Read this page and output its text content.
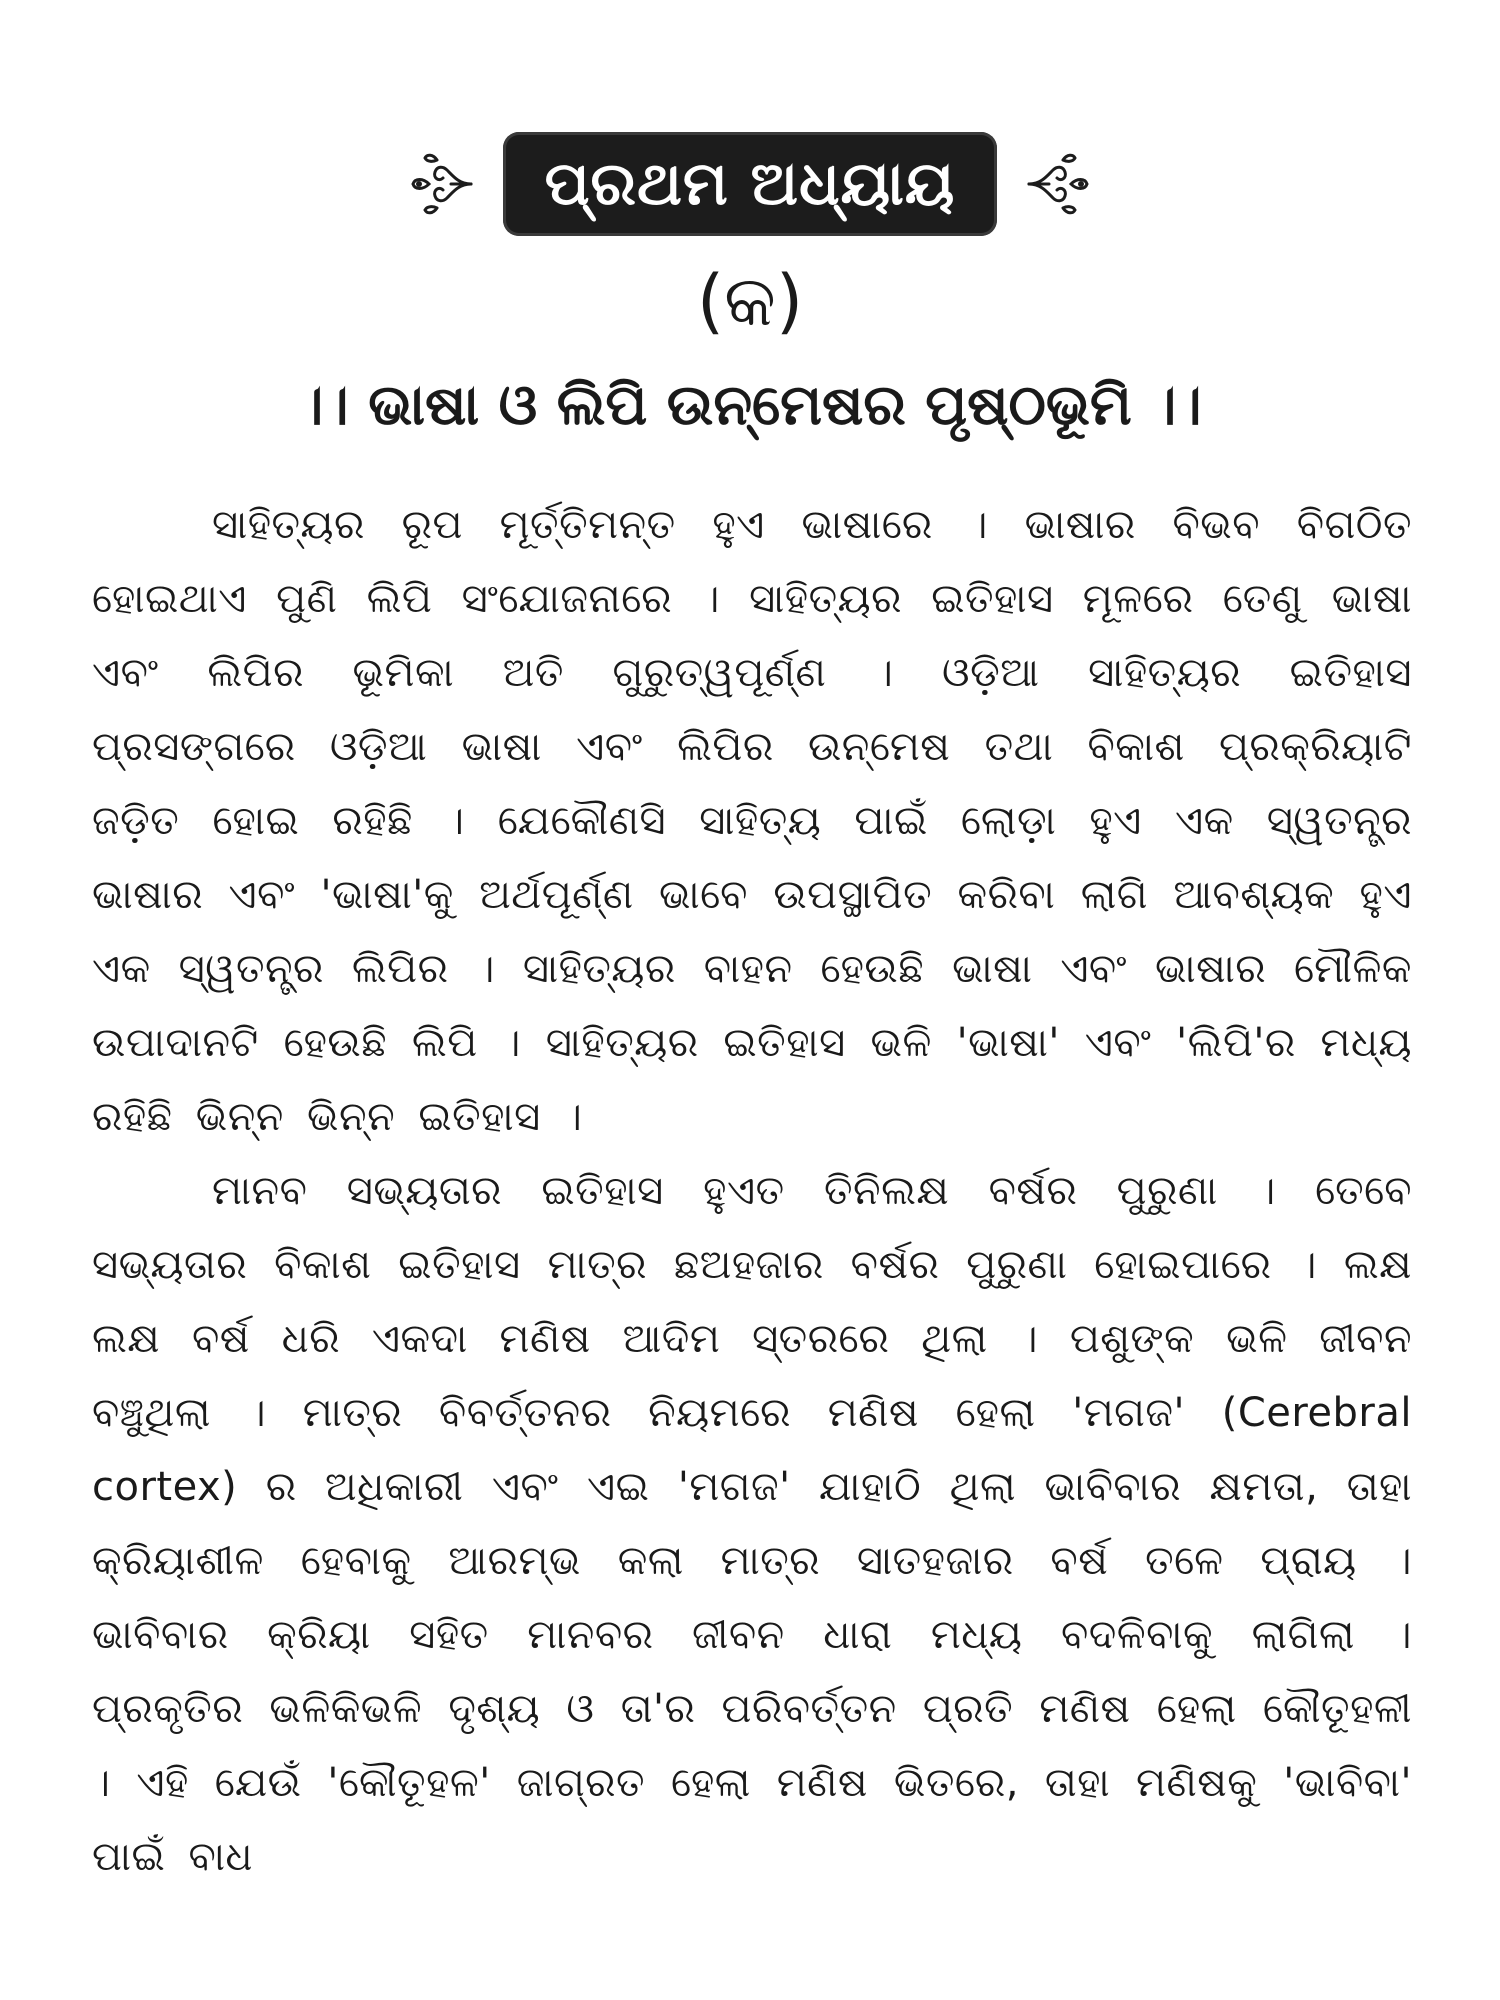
ପ୍ରଥମ ଅଧ୍ୟାୟ
(କ)
।। ଭାଷା ଓ ଲିପି ଉନ୍ମେଷର ପୃଷ୍ଠଭୂମି ।।

ସାହିତ୍ୟର ରୂପ ମୂର୍ତ୍ତିମନ୍ତ ହୁଏ ଭାଷାରେ । ଭାଷାର ବିଭବ ବିଗଠିତ ହୋଇଥାଏ ପୁଣି ଲିପି ସଂଯୋଜନାରେ । ସାହିତ୍ୟର ଇତିହାସ ମୂଳରେ ତେଣୁ ଭାଷା ଏବଂ ଲିପିର ଭୂମିକା ଅତି ଗୁରୁତ୍ୱପୂର୍ଣ୍ଣ । ଓଡ଼ିଆ ସାହିତ୍ୟର ଇତିହାସ ପ୍ରସଙ୍ଗରେ ଓଡ଼ିଆ ଭାଷା ଏବଂ ଲିପିର ଉନ୍ମେଷ ତଥା ବିକାଶ ପ୍ରକ୍ରିୟାଟି ଜଡ଼ିତ ହୋଇ ରହିଛି । ଯେକୌଣସି ସାହିତ୍ୟ ପାଇଁ ଲୋଡ଼ା ହୁଏ ଏକ ସ୍ୱତନ୍ତ୍ର ଭାଷାର ଏବଂ 'ଭାଷା'କୁ ଅର୍ଥପୂର୍ଣ୍ଣ ଭାବେ ଉପସ୍ଥାପିତ କରିବା ଲାଗି ଆବଶ୍ୟକ ହୁଏ ଏକ ସ୍ୱତନ୍ତ୍ର ଲିପିର । ସାହିତ୍ୟର ବାହନ ହେଉଛି ଭାଷା ଏବଂ ଭାଷାର ମୌଳିକ ଉପାଦାନଟି ହେଉଛି ଲିପି । ସାହିତ୍ୟର ଇତିହାସ ଭଳି 'ଭାଷା' ଏବଂ 'ଲିପି'ର ମଧ୍ୟ ରହିଛି ଭିନ୍ନ ଭିନ୍ନ ଇତିହାସ ।

ମାନବ ସଭ୍ୟତାର ଇତିହାସ ହୁଏତ ତିନିଲକ୍ଷ ବର୍ଷର ପୁରୁଣା । ତେବେ ସଭ୍ୟତାର ବିକାଶ ଇତିହାସ ମାତ୍ର ଛଅହଜାର ବର୍ଷର ପୁରୁଣା ହୋଇପାରେ । ଲକ୍ଷ ଲକ୍ଷ ବର୍ଷ ଧରି ଏକଦା ମଣିଷ ଆଦିମ ସ୍ତରରେ ଥିଲା । ପଶୁଙ୍କ ଭଳି ଜୀବନ ବଞ୍ଚୁଥିଲା । ମାତ୍ର ବିବର୍ତ୍ତନର ନିୟମରେ ମଣିଷ ହେଲା 'ମଗଜ' (Cerebral cortex) ର ଅଧିକାରୀ ଏବଂ ଏଇ 'ମଗଜ' ଯାହାଠି ଥିଲା ଭାବିବାର କ୍ଷମତା, ତାହା କ୍ରିୟାଶୀଳ ହେବାକୁ ଆରମ୍ଭ କଲା ମାତ୍ର ସାତହଜାର ବର୍ଷ ତଳେ ପ୍ରାୟ । ଭାବିବାର କ୍ରିୟା ସହିତ ମାନବର ଜୀବନ ଧାରା ମଧ୍ୟ ବଦଳିବାକୁ ଲାଗିଲା । ପ୍ରକୃତିର ଭଳିକିଭଳି ଦୃଶ୍ୟ ଓ ତା'ର ପରିବର୍ତ୍ତନ ପ୍ରତି ମଣିଷ ହେଲା କୌତୂହଳୀ । ଏହି ଯେଉଁ 'କୌତୂହଳ' ଜାଗ୍ରତ ହେଲା ମଣିଷ ଭିତରେ, ତାହା ମଣିଷକୁ 'ଭାବିବା' ପାଇଁ ବାଧ
